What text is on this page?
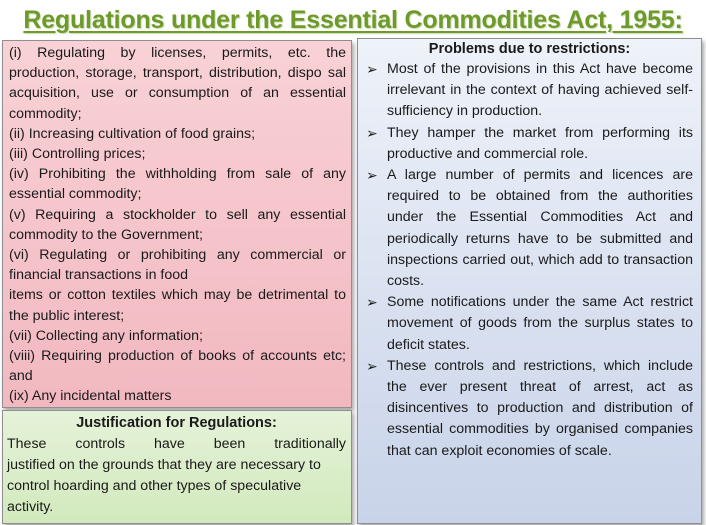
Regulations under the Essential Commodities Act, 1955:

(i) Regulating by licenses, permits, etc. the production, storage, transport, distribution, dispo sal acquisition, use or consumption of an essential commodity;

(ii) Increasing cultivation of food grains;

(iii) Controlling prices;

(iv) Prohibiting the withholding from sale of any essential commodity;

(v) Requiring a stockholder to sell any essential commodity to the Government;

(vi) Regulating or prohibiting any commercial or financial transactions in food

items or cotton textiles which may be detrimental to the public interest;

(vii) Collecting any information;

(viii) Requiring production of books of accounts etc; and

(ix) Any incidental matters

Justification for Regulations:

These controls have been traditionally

justified on the grounds that they are necessary to control hoarding and other types of speculative activity.

Problems due to restrictions:
➢ Most of the provisions in this Act have become irrelevant in the context of having achieved self-sufficiency in production.
➢ They hamper the market from performing its productive and commercial role.
➢ A large number of permits and licences are required to be obtained from the authorities under the Essential Commodities Act and periodically returns have to be submitted and inspections carried out, which add to transaction costs.
➢ Some notifications under the same Act restrict movement of goods from the surplus states to deficit states.
➢ These controls and restrictions, which include the ever present threat of arrest, act as disincentives to production and distribution of essential commodities by organised companies that can exploit economies of scale.
